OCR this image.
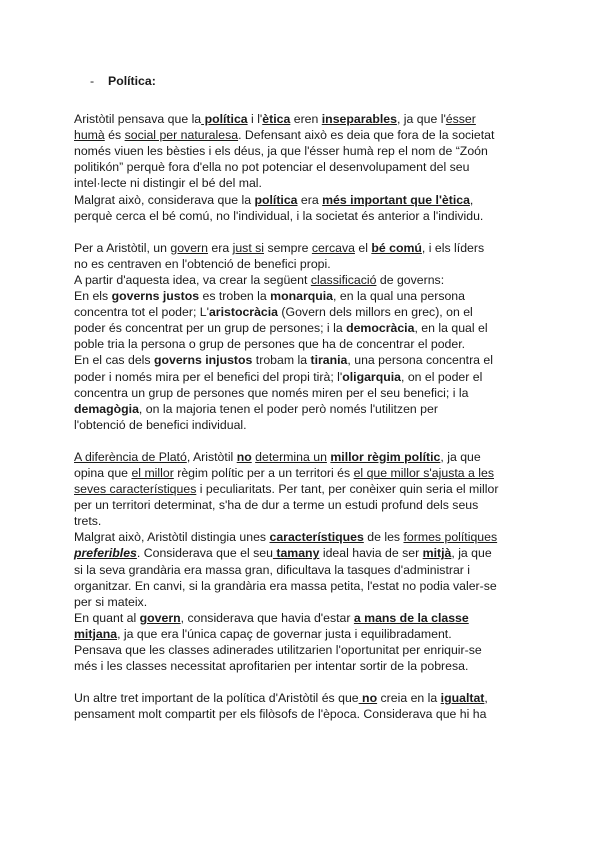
- Política:

Aristòtil pensava que la política i l'ètica eren inseparables, ja que l'ésser

humà és social per naturalesa. Defensant això es deia que fora de la societat

només viuen les bèsties i els déus, ja que l'ésser humà rep el nom de “Zoón

politikón” perquè fora d'ella no pot potenciar el desenvolupament del seu

intel·lecte ni distingir el bé del mal.

Malgrat això, considerava que la política era més important que l'ètica,

perquè cerca el bé comú, no l'individual, i la societat és anterior a l'individu.

Per a Aristòtil, un govern era just si sempre cercava el bé comú, i els líders

no es centraven en l'obtenció de benefici propi.

A partir d'aquesta idea, va crear la següent classificació de governs:

En els governs justos es troben la monarquia, en la qual una persona

concentra tot el poder; L'aristocràcia (Govern dels millors en grec), on el

poder és concentrat per un grup de persones; i la democràcia, en la qual el

poble tria la persona o grup de persones que ha de concentrar el poder.

En el cas dels governs injustos trobam la tirania, una persona concentra el

poder i només mira per el benefici del propi tirà; l'oligarquia, on el poder el

concentra un grup de persones que només miren per el seu benefici; i la

demagògia, on la majoria tenen el poder però només l'utilitzen per

l'obtenció de benefici individual.

A diferència de Plató, Aristòtil no determina un millor règim polític, ja que

opina que el millor règim polític per a un territori és el que millor s'ajusta a les

seves característiques i peculiaritats. Per tant, per conèixer quin seria el millor

per un territori determinat, s'ha de dur a terme un estudi profund dels seus

trets.

Malgrat això, Aristòtil distingia unes característiques de les formes polítiques

preferibles. Considerava que el seu tamany ideal havia de ser mitjà, ja que

si la seva grandària era massa gran, dificultava la tasques d'administrar i

organitzar. En canvi, si la grandària era massa petita, l'estat no podia valer-se

per si mateix.

En quant al govern, considerava que havia d'estar a mans de la classe

mitjana, ja que era l'única capaç de governar justa i equilibradament.

Pensava que les classes adinerades utilitzarien l'oportunitat per enriquir-se

més i les classes necessitat aprofitarien per intentar sortir de la pobresa.

Un altre tret important de la política d'Aristòtil és que no creia en la igualtat,

pensament molt compartit per els filòsofs de l'època. Considerava que hi ha
